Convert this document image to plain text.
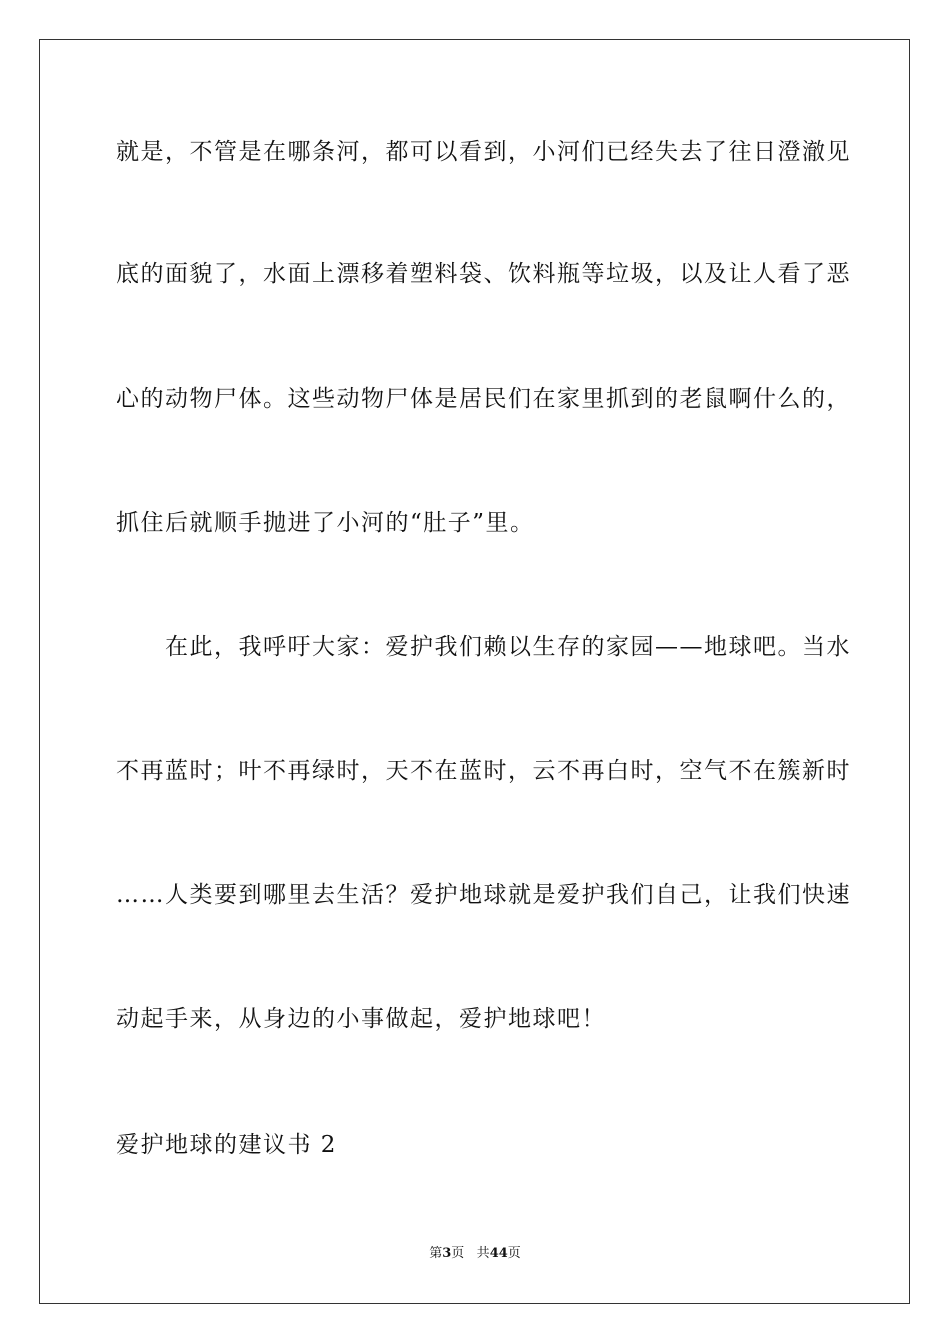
就是，不管是在哪条河，都可以看到，小河们已经失去了往日澄澈见
底的面貌了，水面上漂移着塑料袋、饮料瓶等垃圾，以及让人看了恶
心的动物尸体。这些动物尸体是居民们在家里抓到的老鼠啊什么的，
抓住后就顺手抛进了小河的“肚子”里。
　　在此，我呼吁大家：爱护我们赖以生存的家园——地球吧。当水
不再蓝时；叶不再绿时，天不在蓝时，云不再白时，空气不在簇新时
……人类要到哪里去生活？爱护地球就是爱护我们自己，让我们快速
动起手来，从身边的小事做起，爱护地球吧！
爱护地球的建议书 2
第3页 共44页
